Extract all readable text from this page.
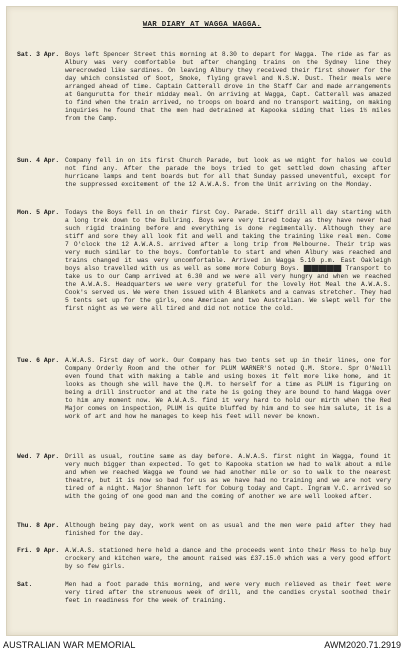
WAR DIARY AT WAGGA WAGGA.
Sat. 3 Apr. Boys left Spencer Street this morning at 8.30 to depart for Wagga. The ride as far as Albury was very comfortable but after changing trains on the Sydney line they werecrowded like sardines. On leaving Albury they received their first shower for the day which consisted of Soot, Smoke, flying gravel and N.S.W. Dust. Their meals were arranged ahead of time. Captain Catterall drove in the Staff Car and made arrangements at Gangurutta for their midday meal. On arriving at Wagga, Capt. Catterall was amazed to find when the train arrived, no troops on board and no transport waiting, on making inquiries he found that the men had detrained at Kapooka siding that lies 1½ miles from the Camp.
Sun. 4 Apr. Company fell in on its first Church Parade, but look as we might for halos we could not find any. After the parade the boys tried to get settled down chasing after hurricane lamps and tent boards but for all that Sunday passed uneventful, except for the suppressed excitement of the 12 A.W.A.S. from the Unit arriving on the Monday.
Mon. 5 Apr. Todays the Boys fell in on their first Coy. Parade. Stiff drill all day starting with a long trek down to the Bullring. Boys were very tired today as they have never had such rigid training before and everything is done regimentally. Although they are stiff and sore they all look fit and well and taking the training like real men. Come 7 O'clock the 12 A.W.A.S. arrived after a long trip from Melbourne. Their trip was very much similar to the boys. Comfortable to start and when Albury was reached and trains changed it was very uncomfortable. Arrived in Wagga 5.10 p.m. East Oakleigh boys also travelled with us as well as some more Coburg Boys. ██████████ Transport to take us to our Camp arrived at 6.30 and we were all very hungry and when we reached the A.W.A.S. Headquarters we were very grateful for the lovely Hot Meal the A.W.A.S. Cook's served us. We were then issued with 4 Blankets and a canvas stretcher. They had 5 tents set up for the girls, one American and two Australian. We sl̶ept well for the first night as we were all tired and did not notice the cold.
Tue. 6 Apr. A.W.A.S. First day of work. Our Company has two tents set up in their lines, one for Company Orderly Room and the other for PLUM WARNER'S noted Q.M. Store. Spr O'Neill even found that with making a table and using boxes it felt more like home, and it looks as though she will have the Q.M. to herself for a time as PLUM is figuring on being a drill instructor and at the rate he is going they are bound to hand Wagga over to him any moment now. We A.W.A.S. find it very hard to hold our mirth when the Red Major comes on inspection, PLUM is quite bluffed by him and to see him salute, it is a work of art and how he manages to keep his feet will never be known.
Wed. 7 Apr. Drill as usual, routine same as day before. A.W.A.S. first night in Wagga, found it very much bigger than expected. To get to Kapooka station we had to walk about a mile and when we reached Wagga we found we had another mile or so to walk to the nearest theatre, but it is now so bad for us as we have had no training and we are not very tired of a night. Major Shannon left for Coburg today and Capt. Ingram V.C. arrived so with the going of one good man and the coming of another we are well looked after.
Thu. 8 Apr. Although being pay day, work went on as usual and the men were paid after they had finished for the day.
Fri. 9 Apr. A.W.A.S. stationed here held a dance and the proceeds went into their Mess to help buy crockery and kitchen ware, the amount raised was £37.15.0 which was a very good effort by so few girls.
Sat.	Men had a foot parade this morning, and were very much relieved as their feet were very tired after the strenuous week of drill, and the candies crystal soothed their feet in readiness for the week of training.
AUSTRALIAN WAR MEMORIAL	AWM2020.71.2919
